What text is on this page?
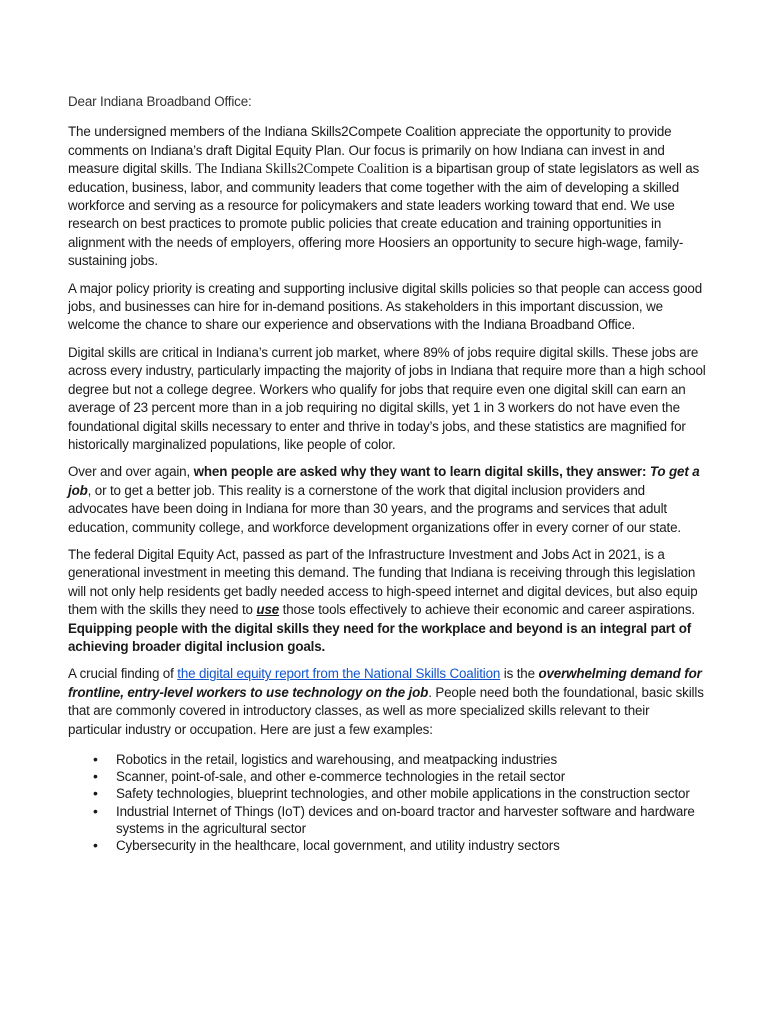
Dear Indiana Broadband Office:

The undersigned members of the Indiana Skills2Compete Coalition appreciate the opportunity to provide comments on Indiana’s draft Digital Equity Plan. Our focus is primarily on how Indiana can invest in and measure digital skills. The Indiana Skills2Compete Coalition is a bipartisan group of state legislators as well as education, business, labor, and community leaders that come together with the aim of developing a skilled workforce and serving as a resource for policymakers and state leaders working toward that end. We use research on best practices to promote public policies that create education and training opportunities in alignment with the needs of employers, offering more Hoosiers an opportunity to secure high-wage, family-sustaining jobs.

A major policy priority is creating and supporting inclusive digital skills policies so that people can access good jobs, and businesses can hire for in-demand positions. As stakeholders in this important discussion, we welcome the chance to share our experience and observations with the Indiana Broadband Office.

Digital skills are critical in Indiana’s current job market, where 89% of jobs require digital skills. These jobs are across every industry, particularly impacting the majority of jobs in Indiana that require more than a high school degree but not a college degree. Workers who qualify for jobs that require even one digital skill can earn an average of 23 percent more than in a job requiring no digital skills, yet 1 in 3 workers do not have even the foundational digital skills necessary to enter and thrive in today’s jobs, and these statistics are magnified for historically marginalized populations, like people of color.

Over and over again, when people are asked why they want to learn digital skills, they answer: To get a job, or to get a better job. This reality is a cornerstone of the work that digital inclusion providers and advocates have been doing in Indiana for more than 30 years, and the programs and services that adult education, community college, and workforce development organizations offer in every corner of our state.

The federal Digital Equity Act, passed as part of the Infrastructure Investment and Jobs Act in 2021, is a generational investment in meeting this demand. The funding that Indiana is receiving through this legislation will not only help residents get badly needed access to high-speed internet and digital devices, but also equip them with the skills they need to use those tools effectively to achieve their economic and career aspirations. Equipping people with the digital skills they need for the workplace and beyond is an integral part of achieving broader digital inclusion goals.

A crucial finding of the digital equity report from the National Skills Coalition is the overwhelming demand for frontline, entry-level workers to use technology on the job. People need both the foundational, basic skills that are commonly covered in introductory classes, as well as more specialized skills relevant to their particular industry or occupation. Here are just a few examples:

• Robotics in the retail, logistics and warehousing, and meatpacking industries
• Scanner, point-of-sale, and other e-commerce technologies in the retail sector
• Safety technologies, blueprint technologies, and other mobile applications in the construction sector
• Industrial Internet of Things (IoT) devices and on-board tractor and harvester software and hardware systems in the agricultural sector
• Cybersecurity in the healthcare, local government, and utility industry sectors
